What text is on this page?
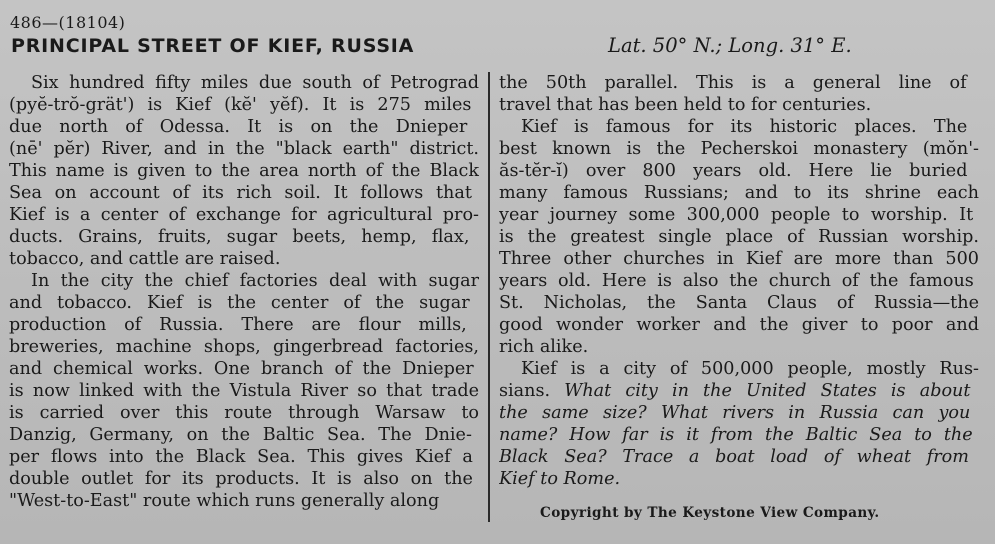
486—(18104)
PRINCIPAL STREET OF KIEF, RUSSIA	Lat. 50° N.; Long. 31° E.
Six hundred fifty miles due south of Petrograd
(pyĕ-trŏ-grät') is Kief (kĕ' yĕf). It is 275 miles
due north of Odessa. It is on the Dnieper
(nē' pĕr) River, and in the "black earth" district.
This name is given to the area north of the Black
Sea on account of its rich soil. It follows that
Kief is a center of exchange for agricultural pro-
ducts. Grains, fruits, sugar beets, hemp, flax,
tobacco, and cattle are raised.
In the city the chief factories deal with sugar
and tobacco. Kief is the center of the sugar
production of Russia. There are flour mills,
breweries, machine shops, gingerbread factories,
and chemical works. One branch of the Dnieper
is now linked with the Vistula River so that trade
is carried over this route through Warsaw to
Danzig, Germany, on the Baltic Sea. The Dnie-
per flows into the Black Sea. This gives Kief a
double outlet for its products. It is also on the
"West-to-East" route which runs generally along
the 50th parallel. This is a general line of
travel that has been held to for centuries.
Kief is famous for its historic places. The
best known is the Pecherskoi monastery (mŏn'-
ăs-tĕr-ĭ) over 800 years old. Here lie buried
many famous Russians; and to its shrine each
year journey some 300,000 people to worship. It
is the greatest single place of Russian worship.
Three other churches in Kief are more than 500
years old. Here is also the church of the famous
St. Nicholas, the Santa Claus of Russia—the
good wonder worker and the giver to poor and
rich alike.
Kief is a city of 500,000 people, mostly Rus-
sians. What city in the United States is about
the same size? What rivers in Russia can you
name? How far is it from the Baltic Sea to the
Black Sea? Trace a boat load of wheat from
Kief to Rome.
Copyright by The Keystone View Company.
